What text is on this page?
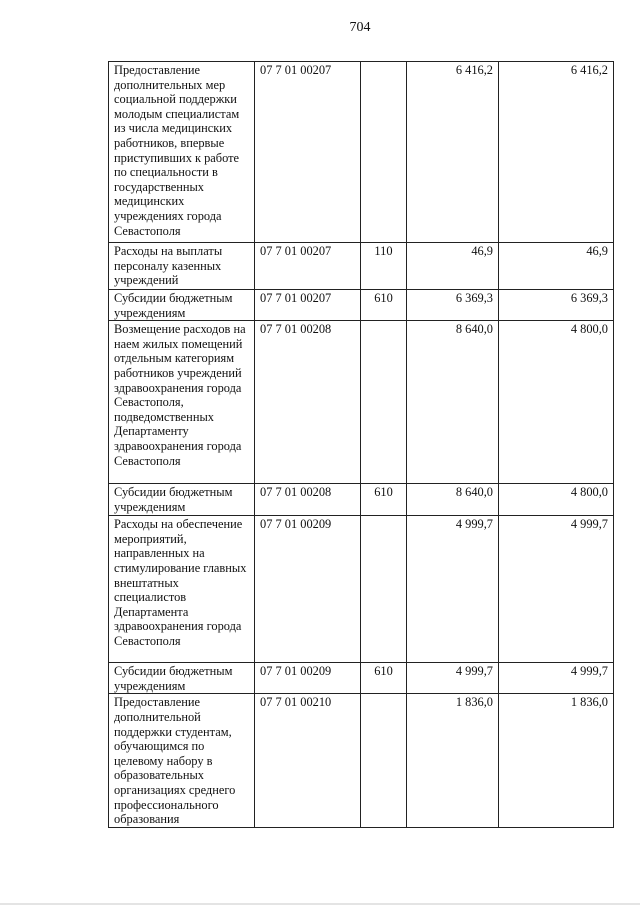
704
Предоставление дополнительных мер социальной поддержки молодым специалистам из числа медицинских работников, впервые приступивших к работе по специальности в государственных медицинских учреждениях города Севастополя	07 7 01 00207		6 416,2	6 416,2
Расходы на выплаты персоналу казенных учреждений	07 7 01 00207	110	46,9	46,9
Субсидии бюджетным учреждениям	07 7 01 00207	610	6 369,3	6 369,3
Возмещение расходов на наем жилых помещений отдельным категориям работников учреждений здравоохранения города Севастополя, подведомственных Департаменту здравоохранения города Севастополя	07 7 01 00208		8 640,0	4 800,0
Субсидии бюджетным учреждениям	07 7 01 00208	610	8 640,0	4 800,0
Расходы на обеспечение мероприятий, направленных на стимулирование главных внештатных специалистов Департамента здравоохранения города Севастополя	07 7 01 00209		4 999,7	4 999,7
Субсидии бюджетным учреждениям	07 7 01 00209	610	4 999,7	4 999,7
Предоставление дополнительной поддержки студентам, обучающимся по целевому набору в образовательных организациях среднего профессионального образования	07 7 01 00210		1 836,0	1 836,0
